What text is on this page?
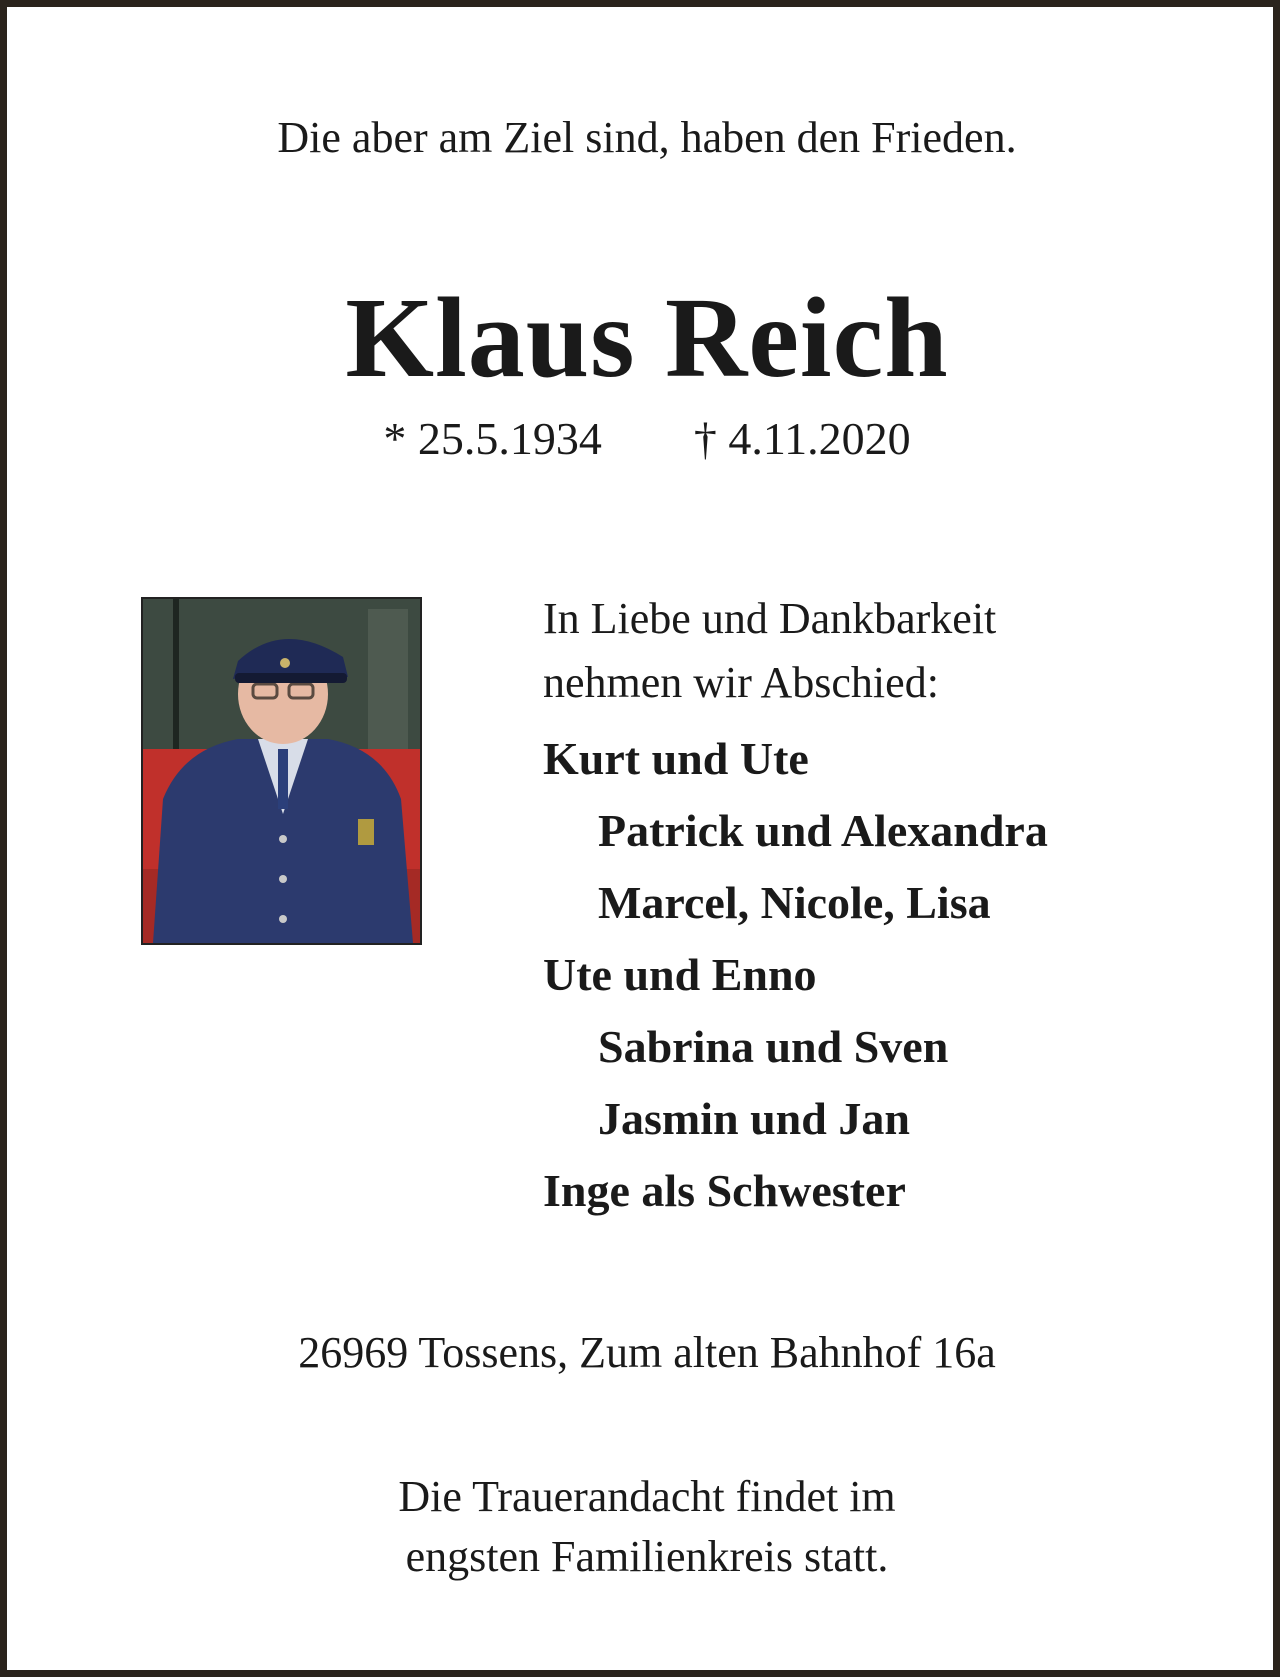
Die aber am Ziel sind, haben den Frieden.
Klaus Reich
* 25.5.1934 † 4.11.2020

In Liebe und Dankbarkeit
nehmen wir Abschied:

Kurt und Ute
Patrick und Alexandra
Marcel, Nicole, Lisa
Ute und Enno
Sabrina und Sven
Jasmin und Jan
Inge als Schwester
26969 Tossens, Zum alten Bahnhof 16a
Die Trauerandacht findet im
engsten Familienkreis statt.
